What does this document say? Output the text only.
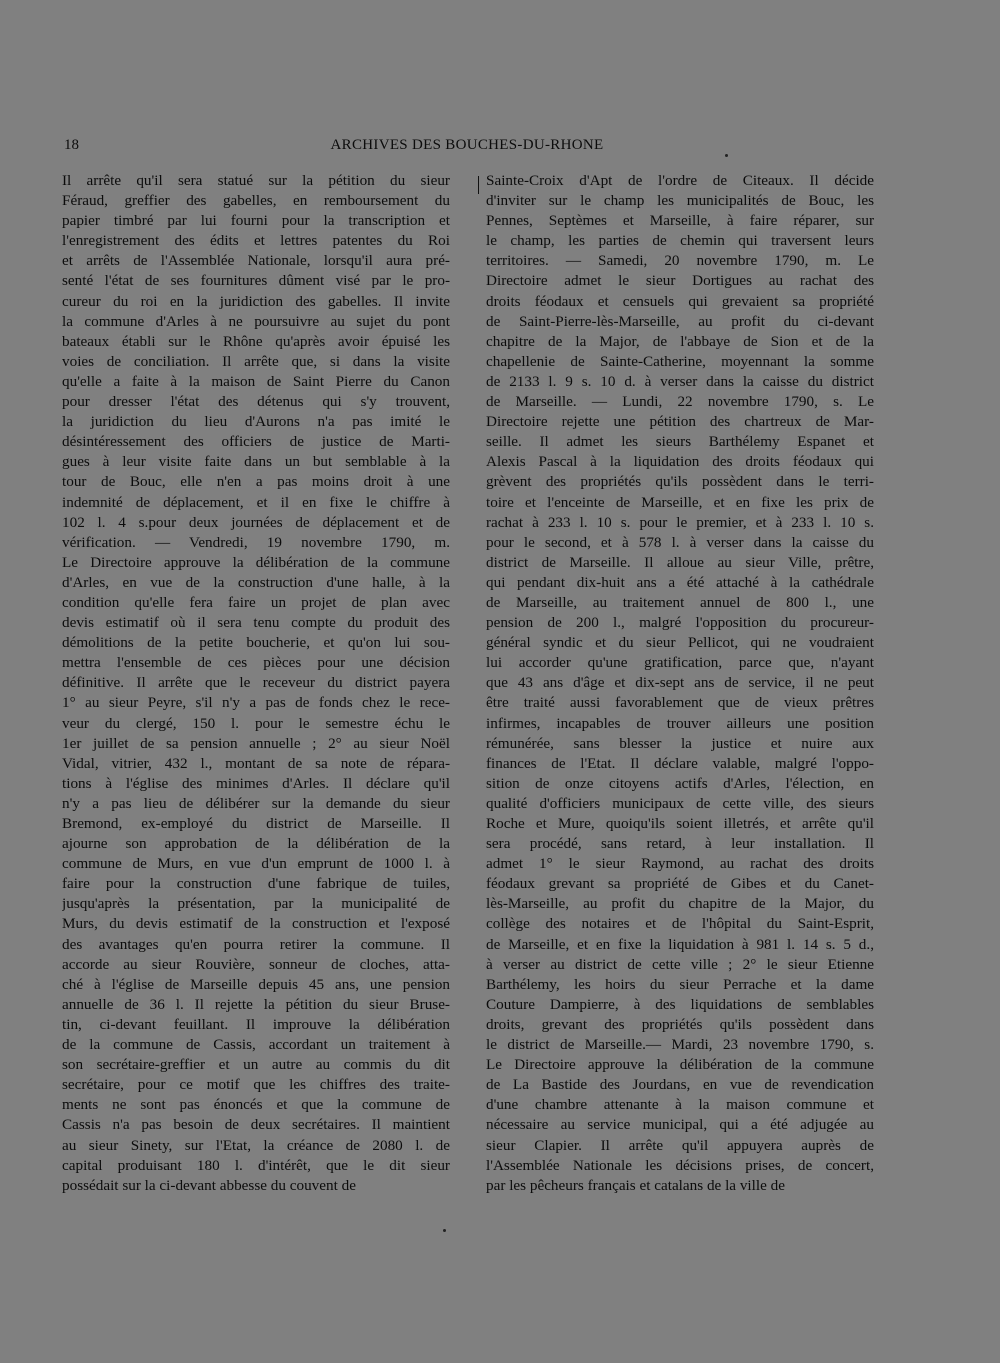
18	ARCHIVES DES BOUCHES-DU-RHONE
Il arrête qu'il sera statué sur la pétition du sieur
Féraud, greffier des gabelles, en remboursement du
papier timbré par lui fourni pour la transcription et
l'enregistrement des édits et lettres patentes du Roi
et arrêts de l'Assemblée Nationale, lorsqu'il aura pré-
senté l'état de ses fournitures dûment visé par le pro-
cureur du roi en la juridiction des gabelles. Il invite
la commune d'Arles à ne poursuivre au sujet du pont
bateaux établi sur le Rhône qu'après avoir épuisé les
voies de conciliation. Il arrête que, si dans la visite
qu'elle a faite à la maison de Saint Pierre du Canon
pour dresser l'état des détenus qui s'y trouvent,
la juridiction du lieu d'Aurons n'a pas imité le
désintéressement des officiers de justice de Marti-
gues à leur visite faite dans un but semblable à la
tour de Bouc, elle n'en a pas moins droit à une
indemnité de déplacement, et il en fixe le chiffre à
102 l. 4 s.pour deux journées de déplacement et de
vérification. — Vendredi, 19 novembre 1790, m.
Le Directoire approuve la délibération de la commune
d'Arles, en vue de la construction d'une halle, à la
condition qu'elle fera faire un projet de plan avec
devis estimatif où il sera tenu compte du produit des
démolitions de la petite boucherie, et qu'on lui sou-
mettra l'ensemble de ces pièces pour une décision
définitive. Il arrête que le receveur du district payera
1° au sieur Peyre, s'il n'y a pas de fonds chez le rece-
veur du clergé, 150 l. pour le semestre échu le
1er juillet de sa pension annuelle ; 2° au sieur Noël
Vidal, vitrier, 432 l., montant de sa note de répara-
tions à l'église des minimes d'Arles. Il déclare qu'il
n'y a pas lieu de délibérer sur la demande du sieur
Bremond, ex-employé du district de Marseille. Il
ajourne son approbation de la délibération de la
commune de Murs, en vue d'un emprunt de 1000 l. à
faire pour la construction d'une fabrique de tuiles,
jusqu'après la présentation, par la municipalité de
Murs, du devis estimatif de la construction et l'exposé
des avantages qu'en pourra retirer la commune. Il
accorde au sieur Rouvière, sonneur de cloches, atta-
ché à l'église de Marseille depuis 45 ans, une pension
annuelle de 36 l. Il rejette la pétition du sieur Bruse-
tin, ci-devant feuillant. Il improuve la délibération
de la commune de Cassis, accordant un traitement à
son secrétaire-greffier et un autre au commis du dit
secrétaire, pour ce motif que les chiffres des traite-
ments ne sont pas énoncés et que la commune de
Cassis n'a pas besoin de deux secrétaires. Il maintient
au sieur Sinety, sur l'Etat, la créance de 2080 l. de
capital produisant 180 l. d'intérêt, que le dit sieur
possédait sur la ci-devant abbesse du couvent de
Sainte-Croix d'Apt de l'ordre de Citeaux. Il décide
d'inviter sur le champ les municipalités de Bouc, les
Pennes, Septèmes et Marseille, à faire réparer, sur
le champ, les parties de chemin qui traversent leurs
territoires. — Samedi, 20 novembre 1790, m. Le
Directoire admet le sieur Dortigues au rachat des
droits féodaux et censuels qui grevaient sa propriété
de Saint-Pierre-lès-Marseille, au profit du ci-devant
chapitre de la Major, de l'abbaye de Sion et de la
chapellenie de Sainte-Catherine, moyennant la somme
de 2133 l. 9 s. 10 d. à verser dans la caisse du district
de Marseille. — Lundi, 22 novembre 1790, s. Le
Directoire rejette une pétition des chartreux de Mar-
seille. Il admet les sieurs Barthélemy Espanet et
Alexis Pascal à la liquidation des droits féodaux qui
grèvent des propriétés qu'ils possèdent dans le terri-
toire et l'enceinte de Marseille, et en fixe les prix de
rachat à 233 l. 10 s. pour le premier, et à 233 l. 10 s.
pour le second, et à 578 l. à verser dans la caisse du
district de Marseille. Il alloue au sieur Ville, prêtre,
qui pendant dix-huit ans a été attaché à la cathédrale
de Marseille, au traitement annuel de 800 l., une
pension de 200 l., malgré l'opposition du procureur-
général syndic et du sieur Pellicot, qui ne voudraient
lui accorder qu'une gratification, parce que, n'ayant
que 43 ans d'âge et dix-sept ans de service, il ne peut
être traité aussi favorablement que de vieux prêtres
infirmes, incapables de trouver ailleurs une position
rémunérée, sans blesser la justice et nuire aux
finances de l'Etat. Il déclare valable, malgré l'oppo-
sition de onze citoyens actifs d'Arles, l'élection, en
qualité d'officiers municipaux de cette ville, des sieurs
Roche et Mure, quoiqu'ils soient illetrés, et arrête qu'il
sera procédé, sans retard, à leur installation. Il
admet 1° le sieur Raymond, au rachat des droits
féodaux grevant sa propriété de Gibes et du Canet-
lès-Marseille, au profit du chapitre de la Major, du
collège des notaires et de l'hôpital du Saint-Esprit,
de Marseille, et en fixe la liquidation à 981 l. 14 s. 5 d.,
à verser au district de cette ville ; 2° le sieur Etienne
Barthélemy, les hoirs du sieur Perrache et la dame
Couture Dampierre, à des liquidations de semblables
droits, grevant des propriétés qu'ils possèdent dans
le district de Marseille.— Mardi, 23 novembre 1790, s.
Le Directoire approuve la délibération de la commune
de La Bastide des Jourdans, en vue de revendication
d'une chambre attenante à la maison commune et
nécessaire au service municipal, qui a été adjugée au
sieur Clapier. Il arrête qu'il appuyera auprès de
l'Assemblée Nationale les décisions prises, de concert,
par les pêcheurs français et catalans de la ville de
